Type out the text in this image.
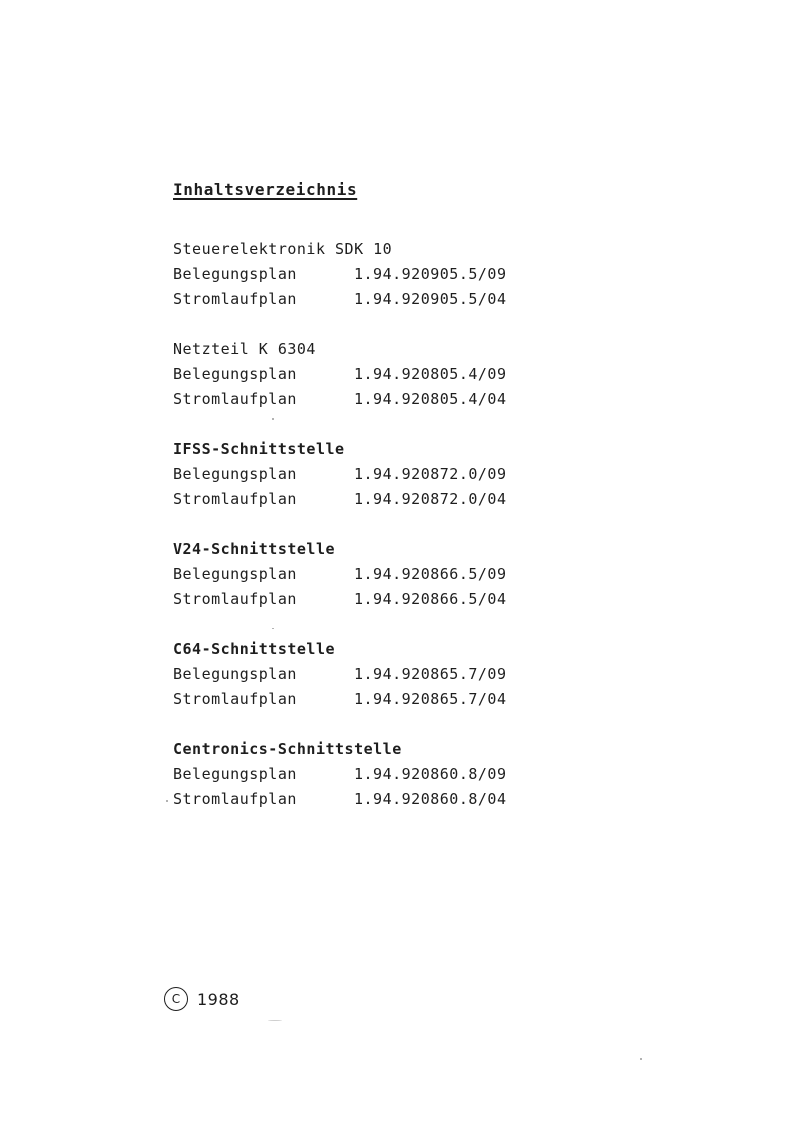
Inhaltsverzeichnis
Steuerelektronik SDK 10
Belegungsplan	1.94.920905.5/09
Stromlaufplan	1.94.920905.5/04
Netzteil K 6304
Belegungsplan	1.94.920805.4/09
Stromlaufplan	1.94.920805.4/04
IFSS-Schnittstelle
Belegungsplan	1.94.920872.0/09
Stromlaufplan	1.94.920872.0/04
V24-Schnittstelle
Belegungsplan	1.94.920866.5/09
Stromlaufplan	1.94.920866.5/04
C64-Schnittstelle
Belegungsplan	1.94.920865.7/09
Stromlaufplan	1.94.920865.7/04
Centronics-Schnittstelle
Belegungsplan	1.94.920860.8/09
Stromlaufplan	1.94.920860.8/04
C	1988
